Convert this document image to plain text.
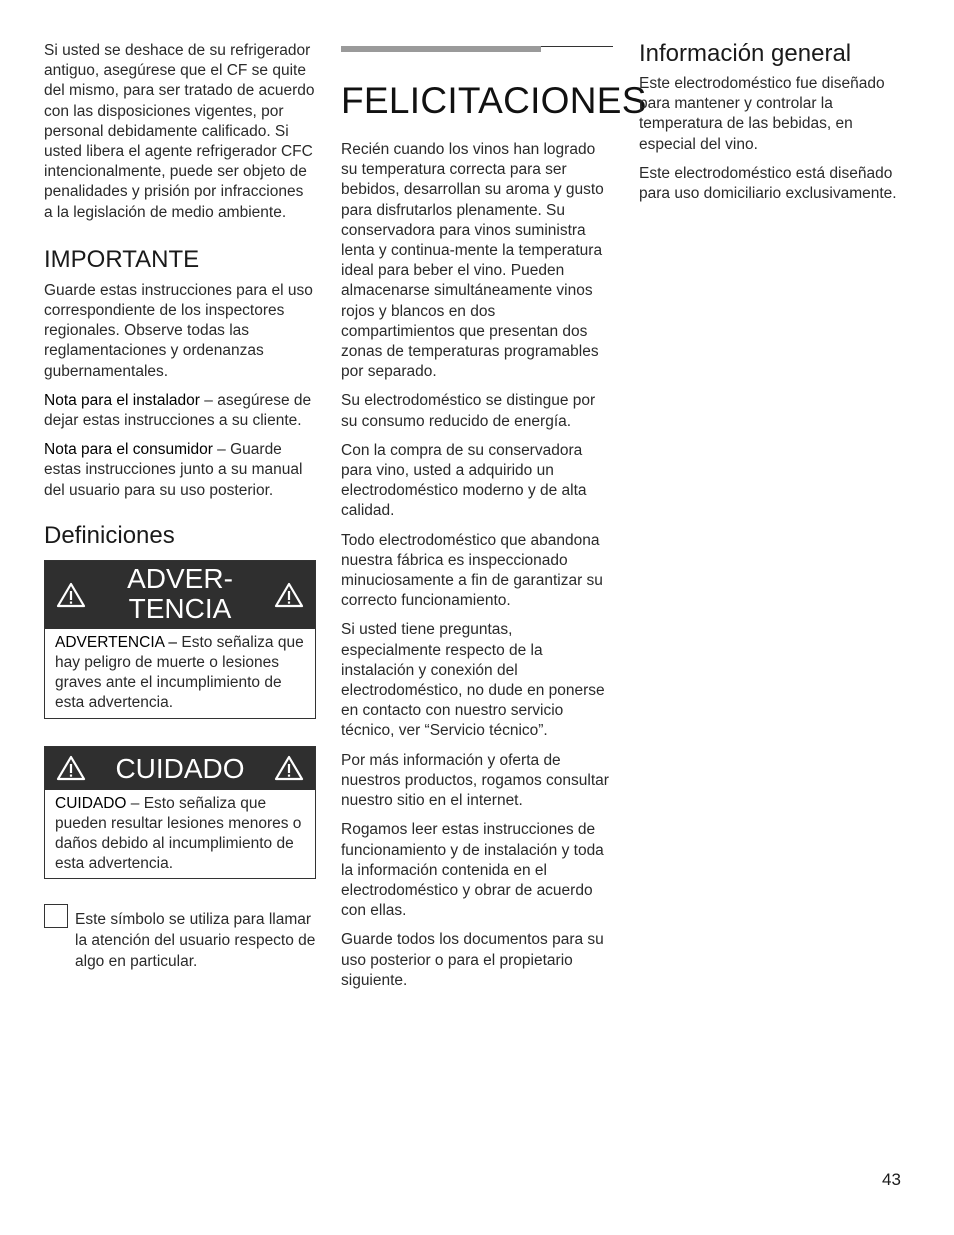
Si usted se deshace de su refrigerador antiguo, asegúrese que el CF se quite del mismo, para ser tratado de acuerdo con las disposiciones vigentes, por personal debidamente calificado. Si usted libera el agente refrigerador CFC intencionalmente, puede ser objeto de penalidades y prisión por infracciones a la legislación de medio ambiente.

IMPORTANTE

Guarde estas instrucciones para el uso correspondiente de los inspectores regionales. Observe todas las reglamentaciones y ordenanzas gubernamentales.

Nota para el instalador – asegúrese de dejar estas instrucciones a su cliente.

Nota para el consumidor – Guarde estas instrucciones junto a su manual del usuario para su uso posterior.

Definiciones
ADVER-
TENCIA

ADVERTENCIA – Esto señaliza que hay peligro de muerte o lesiones graves ante el incumplimiento de esta advertencia.

CUIDADO

CUIDADO – Esto señaliza que pueden resultar lesiones menores o daños debido al incumplimiento de esta advertencia.

Este símbolo se utiliza para llamar la atención del usuario respecto de algo en particular.

FELICITACIONES

Recién cuando los vinos han logrado su temperatura correcta para ser bebidos, desarrollan su aroma y gusto para disfrutarlos plenamente. Su conservadora para vinos suministra lenta y continua-mente la temperatura ideal para beber el vino. Pueden almacenarse simultáneamente vinos rojos y blancos en dos compartimientos que presentan dos zonas de temperaturas programables por separado.

Su electrodoméstico se distingue por su consumo reducido de energía.

Con la compra de su conservadora para vino, usted a adquirido un electrodoméstico moderno y de alta calidad.

Todo electrodoméstico que abandona nuestra fábrica es inspeccionado minuciosamente a fin de garantizar su correcto funcionamiento.

Si usted tiene preguntas, especialmente respecto de la instalación y conexión del electrodoméstico, no dude en ponerse en contacto con nuestro servicio técnico, ver “Servicio técnico”.

Por más información y oferta de nuestros productos, rogamos consultar nuestro sitio en el internet.

Rogamos leer estas instrucciones de funcionamiento y de instalación y toda la información contenida en el electrodoméstico y obrar de acuerdo con ellas.

Guarde todos los documentos para su uso posterior o para el propietario siguiente.

Información general

Este electrodoméstico fue diseñado para mantener y controlar la temperatura de las bebidas, en especial del vino.

Este electrodoméstico está diseñado para uso domiciliario exclusivamente.

43
